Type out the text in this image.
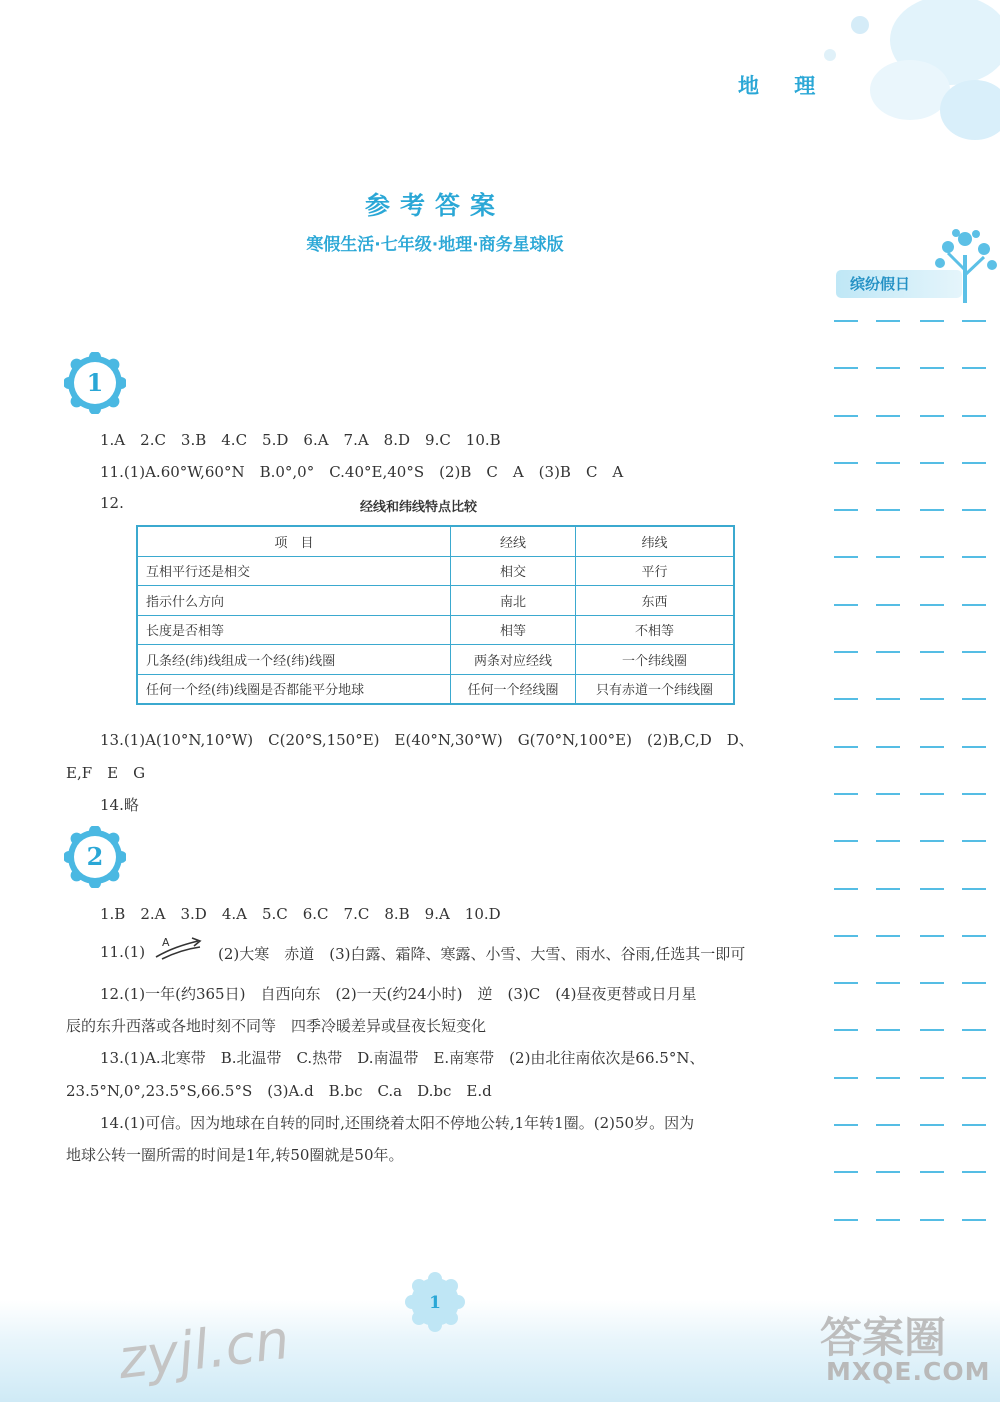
地 理
参考答案
寒假生活·七年级·地理·商务星球版
缤纷假日
1
1.A　2.C　3.B　4.C　5.D　6.A　7.A　8.D　9.C　10.B
11.(1)A.60°W,60°N　B.0°,0°　C.40°E,40°S　(2)B　C　A　(3)B　C　A
12.	经线和纬线特点比较
项　目	经线	纬线
互相平行还是相交	相交	平行
指示什么方向	南北	东西
长度是否相等	相等	不相等
几条经(纬)线组成一个经(纬)线圈	两条对应经线	一个纬线圈
任何一个经(纬)线圈是否都能平分地球	任何一个经线圈	只有赤道一个纬线圈
13.(1)A(10°N,10°W)　C(20°S,150°E)　E(40°N,30°W)　G(70°N,100°E)　(2)B,C,D　D、
E,F　E　G
14.略
2
1.B　2.A　3.D　4.A　5.C　6.C　7.C　8.B　9.A　10.D
11.(1)
A
(2)大寒　赤道　(3)白露、霜降、寒露、小雪、大雪、雨水、谷雨,任选其一即可
12.(1)一年(约365日)　自西向东　(2)一天(约24小时)　逆　(3)C　(4)昼夜更替或日月星
辰的东升西落或各地时刻不同等　四季冷暖差异或昼夜长短变化
13.(1)A.北寒带　B.北温带　C.热带　D.南温带　E.南寒带　(2)由北往南依次是66.5°N、
23.5°N,0°,23.5°S,66.5°S　(3)A.d　B.bc　C.a　D.bc　E.d
14.(1)可信。因为地球在自转的同时,还围绕着太阳不停地公转,1年转1圈。(2)50岁。因为
地球公转一圈所需的时间是1年,转50圈就是50年。
1
zyjl.cn	答案圈
MXQE.COM
